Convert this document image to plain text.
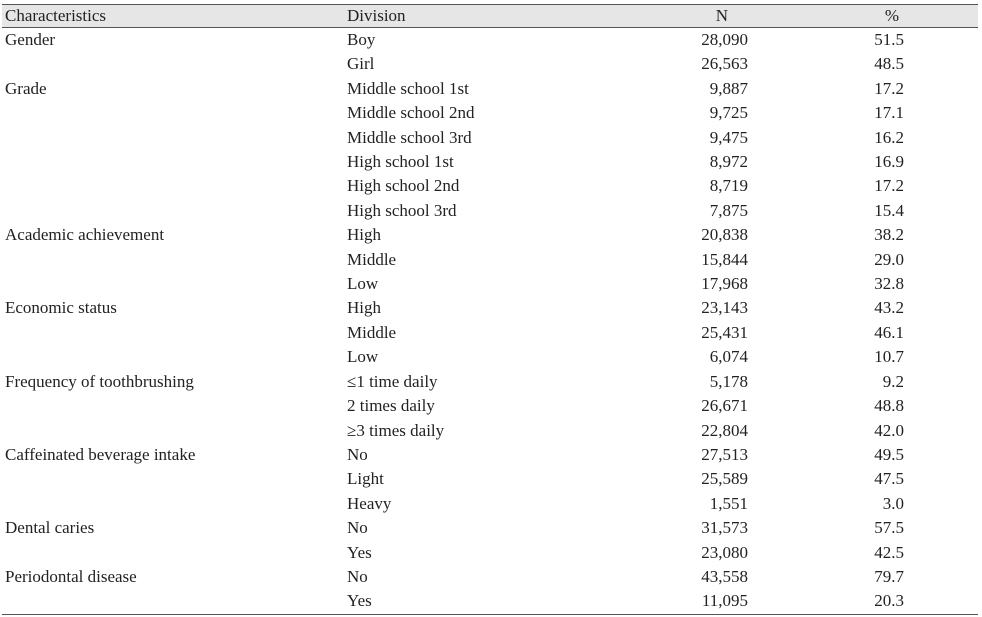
Characteristics	Division	N	%
Gender	Boy	28,090	51.5
	Girl	26,563	48.5
Grade	Middle school 1st	9,887	17.2
	Middle school 2nd	9,725	17.1
	Middle school 3rd	9,475	16.2
	High school 1st	8,972	16.9
	High school 2nd	8,719	17.2
	High school 3rd	7,875	15.4
Academic achievement	High	20,838	38.2
	Middle	15,844	29.0
	Low	17,968	32.8
Economic status	High	23,143	43.2
	Middle	25,431	46.1
	Low	6,074	10.7
Frequency of toothbrushing	≤1 time daily	5,178	9.2
	2 times daily	26,671	48.8
	≥3 times daily	22,804	42.0
Caffeinated beverage intake	No	27,513	49.5
	Light	25,589	47.5
	Heavy	1,551	3.0
Dental caries	No	31,573	57.5
	Yes	23,080	42.5
Periodontal disease	No	43,558	79.7
	Yes	11,095	20.3
